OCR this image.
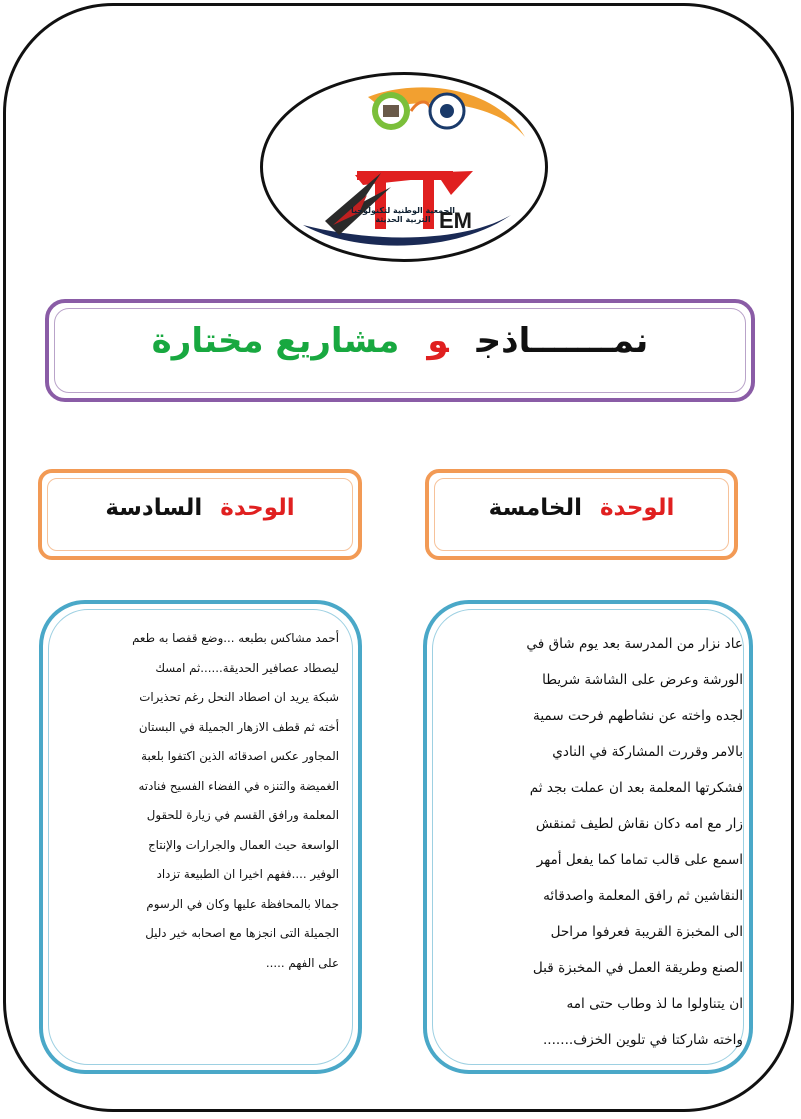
الجمعية الوطنية لتكنولوجيا التربية الحديثة EM
نمـــــــاذجومشاريع مختارة
الوحدةالخامسة
الوحدةالسادسة
عاد نزار من المدرسة بعد يوم شاق في
الورشة وعرض على الشاشة شريطا
لجده واخته عن نشاطهم فرحت سمية
بالامر وقررت المشاركة في النادي
فشكرتها المعلمة بعد ان عملت بجد ثم
زار مع امه دكان نقاش لطيف ثمنقش
اسمع على قالب تماما كما يفعل أمهر
النقاشين ثم رافق المعلمة واصدقائه
الى المخبزة القريبة فعرفوا مراحل
الصنع وطريقة العمل في المخبزة قبل
ان يتناولوا ما لذ وطاب حتى امه
واخته شاركتا في تلوين الخزف.......
أحمد مشاكس بطبعه ...وضع قفصا به طعم
ليصطاد عصافير الحديقة......ثم امسك
شبكة يريد ان اصطاد النحل رغم تحذيرات
أخته ثم قطف الازهار الجميلة في البستان
المجاور عكس اصدقائه الذين اكتفوا بلعبة
الغميضة والتنزه في الفضاء الفسيح فنادته
المعلمة ورافق القسم في زيارة للحقول
الواسعة حيث العمال والجرارات والإنتاج
الوفير ....ففهم اخيرا ان الطبيعة تزداد
جمالا بالمحافظة عليها وكان في الرسوم
الجميلة التى انجزها مع اصحابه خير دليل
على الفهم .....
